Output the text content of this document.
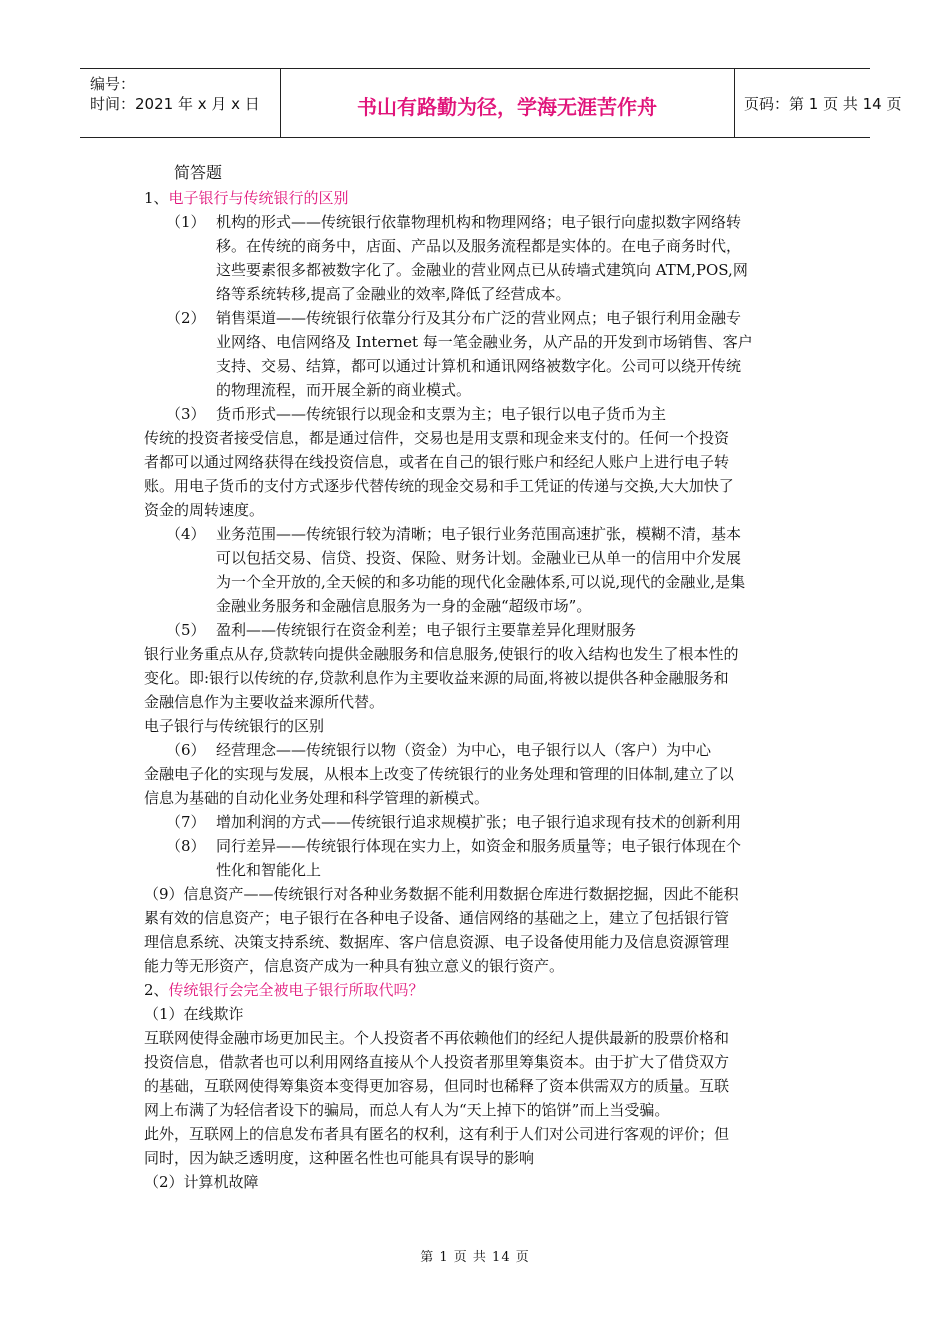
编号：
时间：2021 年 x 月 x 日	书山有路勤为径，学海无涯苦作舟	页码：第 1 页 共 14 页
简答题
1、电子银行与传统银行的区别
（1） 机构的形式——传统银行依靠物理机构和物理网络；电子银行向虚拟数字网络转
移。在传统的商务中，店面、产品以及服务流程都是实体的。在电子商务时代，
这些要素很多都被数字化了。金融业的营业网点已从砖墙式建筑向 ATM,POS,网
络等系统转移,提高了金融业的效率,降低了经营成本。
（2） 销售渠道——传统银行依靠分行及其分布广泛的营业网点；电子银行利用金融专
业网络、电信网络及 Internet 每一笔金融业务，从产品的开发到市场销售、客户
支持、交易、结算，都可以通过计算机和通讯网络被数字化。公司可以绕开传统
的物理流程，而开展全新的商业模式。
（3） 货币形式——传统银行以现金和支票为主；电子银行以电子货币为主
传统的投资者接受信息，都是通过信件，交易也是用支票和现金来支付的。任何一个投资
者都可以通过网络获得在线投资信息，或者在自己的银行账户和经纪人账户上进行电子转
账。用电子货币的支付方式逐步代替传统的现金交易和手工凭证的传递与交换,大大加快了
资金的周转速度。
（4） 业务范围——传统银行较为清晰；电子银行业务范围高速扩张，模糊不清，基本
可以包括交易、信贷、投资、保险、财务计划。金融业已从单一的信用中介发展
为一个全开放的,全天候的和多功能的现代化金融体系,可以说,现代的金融业,是集
金融业务服务和金融信息服务为一身的金融“超级市场”。
（5） 盈利——传统银行在资金利差；电子银行主要靠差异化理财服务
银行业务重点从存,贷款转向提供金融服务和信息服务,使银行的收入结构也发生了根本性的
变化。即:银行以传统的存,贷款利息作为主要收益来源的局面,将被以提供各种金融服务和
金融信息作为主要收益来源所代替。
电子银行与传统银行的区别
（6） 经营理念——传统银行以物（资金）为中心，电子银行以人（客户）为中心
金融电子化的实现与发展，从根本上改变了传统银行的业务处理和管理的旧体制,建立了以
信息为基础的自动化业务处理和科学管理的新模式。
（7） 增加利润的方式——传统银行追求规模扩张；电子银行追求现有技术的创新利用
（8） 同行差异——传统银行体现在实力上，如资金和服务质量等；电子银行体现在个
性化和智能化上
（9）信息资产——传统银行对各种业务数据不能利用数据仓库进行数据挖掘，因此不能积
累有效的信息资产；电子银行在各种电子设备、通信网络的基础之上，建立了包括银行管
理信息系统、决策支持系统、数据库、客户信息资源、电子设备使用能力及信息资源管理
能力等无形资产，信息资产成为一种具有独立意义的银行资产。
2、传统银行会完全被电子银行所取代吗？
（1）在线欺诈
互联网使得金融市场更加民主。个人投资者不再依赖他们的经纪人提供最新的股票价格和
投资信息，借款者也可以利用网络直接从个人投资者那里筹集资本。由于扩大了借贷双方
的基础，互联网使得筹集资本变得更加容易，但同时也稀释了资本供需双方的质量。互联
网上布满了为轻信者设下的骗局，而总人有人为“天上掉下的馅饼”而上当受骗。
此外，互联网上的信息发布者具有匿名的权利，这有利于人们对公司进行客观的评价；但
同时，因为缺乏透明度，这种匿名性也可能具有误导的影响
（2）计算机故障
第 1 页 共 14 页
